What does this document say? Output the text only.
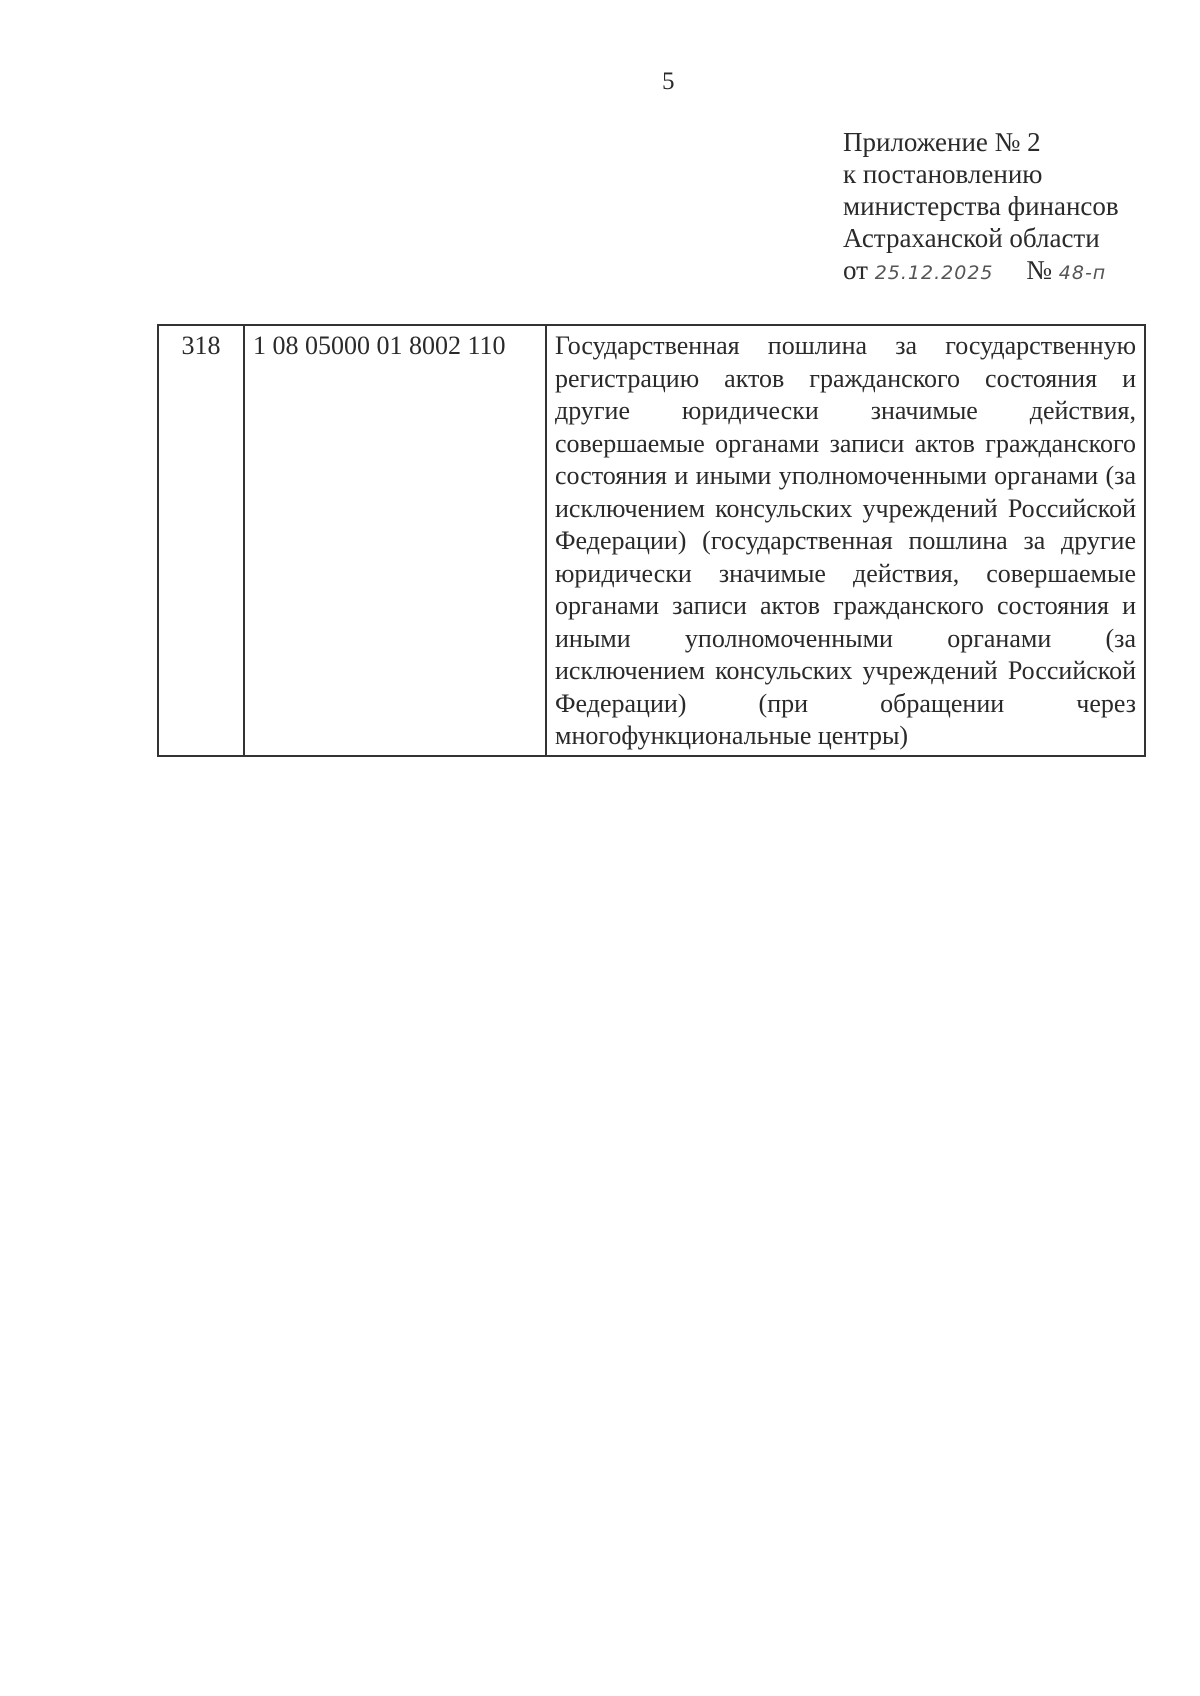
5
Приложение № 2
к постановлению
министерства финансов
Астраханской области
от 25.12.2025 № 48-п
318	1 08 05000 01 8002 110	Государственная пошлина за государственную регистрацию актов гражданского состояния и другие юридически значимые действия, совершаемые органами записи актов гражданского состояния и иными уполномоченными органами (за исключением консульских учреждений Российской Федерации) (государственная пошлина за другие юридически значимые действия, совершаемые органами записи актов гражданского состояния и иными уполномоченными органами (за исключением консульских учреждений Российской Федерации) (при обращении через многофункциональные центры)
